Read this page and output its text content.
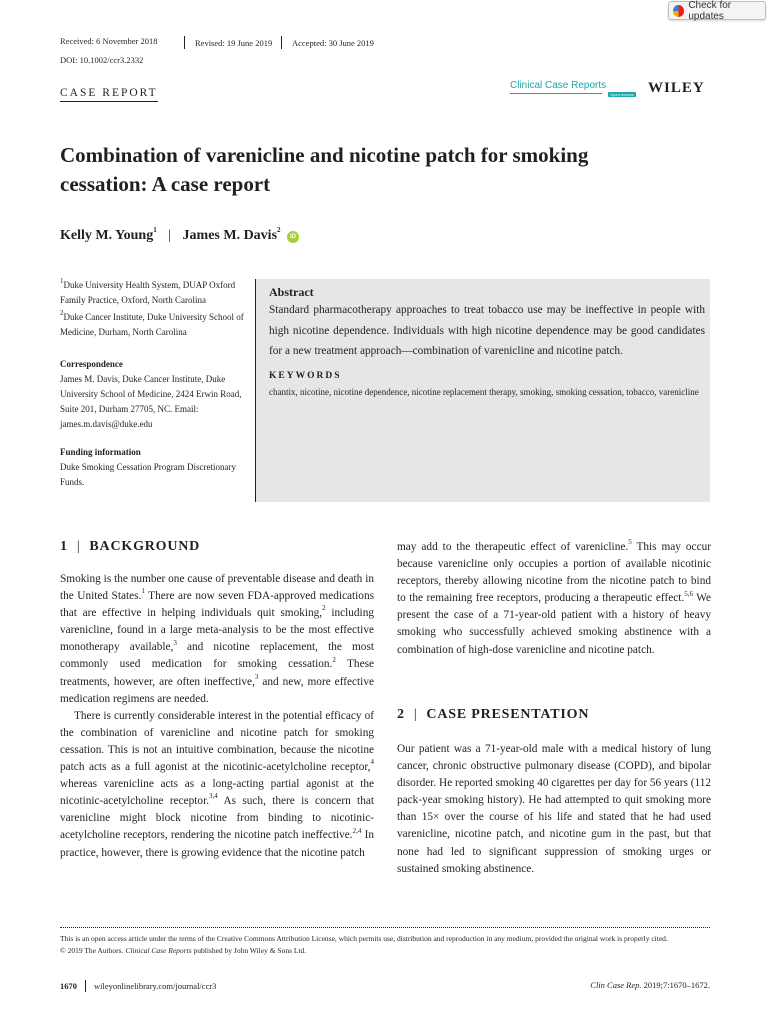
Check for updates
Received: 6 November 2018	Revised: 19 June 2019	Accepted: 30 June 2019
DOI: 10.1002/ccr3.2332
CASE REPORT
Clinical Case Reports$_{Open Access}$ WILEY
Combination of varenicline and nicotine patch for smoking
cessation: A case report
Kelly M. Young$^1$ | James M. Davis$^2$ iD

$^1$Duke University Health System, DUAP Oxford Family Practice, Oxford, North Carolina

$^2$Duke Cancer Institute, Duke University School of Medicine, Durham, North Carolina

Correspondence

James M. Davis, Duke Cancer Institute, Duke University School of Medicine, 2424 Erwin Road, Suite 201, Durham 27705, NC. Email: james.m.davis@duke.edu

Funding information

Duke Smoking Cessation Program Discretionary Funds.

Abstract

Standard pharmacotherapy approaches to treat tobacco use may be ineffective in people with high nicotine dependence. Individuals with high nicotine dependence may be good candidates for a new treatment approach—combination of varenicline and nicotine patch.

KEYWORDS
chantix, nicotine, nicotine dependence, nicotine replacement therapy, smoking, smoking cessation, tobacco, varenicline
1 | BACKGROUND

Smoking is the number one cause of preventable disease and death in the United States.$^1$ There are now seven FDA-approved medications that are effective in helping individuals quit smoking,$^2$ including varenicline, found in a large meta-analysis to be the most effective monotherapy available,$^3$ and nicotine replacement, the most commonly used medication for smoking cessation.$^2$ These treatments, however, are often ineffective,$^3$ and new, more effective medication regimens are needed.

There is currently considerable interest in the potential efficacy of the combination of varenicline and nicotine patch for smoking cessation. This is not an intuitive combination, because the nicotine patch acts as a full agonist at the nicotinic-acetylcholine receptor,$^4$ whereas varenicline acts as a long-acting partial agonist at the nicotinic-acetylcholine receptor.$^{3,4}$ As such, there is concern that varenicline might block nicotine from binding to nicotinic-acetylcholine receptors, rendering the nicotine patch ineffective.$^{2,4}$ In practice, however, there is growing evidence that the nicotine patch

may add to the therapeutic effect of varenicline.$^5$ This may occur because varenicline only occupies a portion of available nicotinic receptors, thereby allowing nicotine from the nicotine patch to bind to the remaining free receptors, producing a therapeutic effect.$^{5,6}$ We present the case of a 71-year-old patient with a history of heavy smoking who successfully achieved smoking abstinence with a combination of high-dose varenicline and nicotine patch.

2 | CASE PRESENTATION

Our patient was a 71-year-old male with a medical history of lung cancer, chronic obstructive pulmonary disease (COPD), and bipolar disorder. He reported smoking 40 cigarettes per day for 56 years (112 pack-year smoking history). He had attempted to quit smoking more than 15× over the course of his life and stated that he had used varenicline, nicotine patch, and nicotine gum in the past, but that none had led to significant suppression of smoking urges or sustained smoking abstinence.

This is an open access article under the terms of the Creative Commons Attribution License, which permits use, distribution and reproduction in any medium, provided the original work is properly cited.

© 2019 The Authors. Clinical Case Reports published by John Wiley & Sons Ltd.

1670 wileyonlinelibrary.com/journal/ccr3	Clin Case Rep. 2019;7:1670–1672.
